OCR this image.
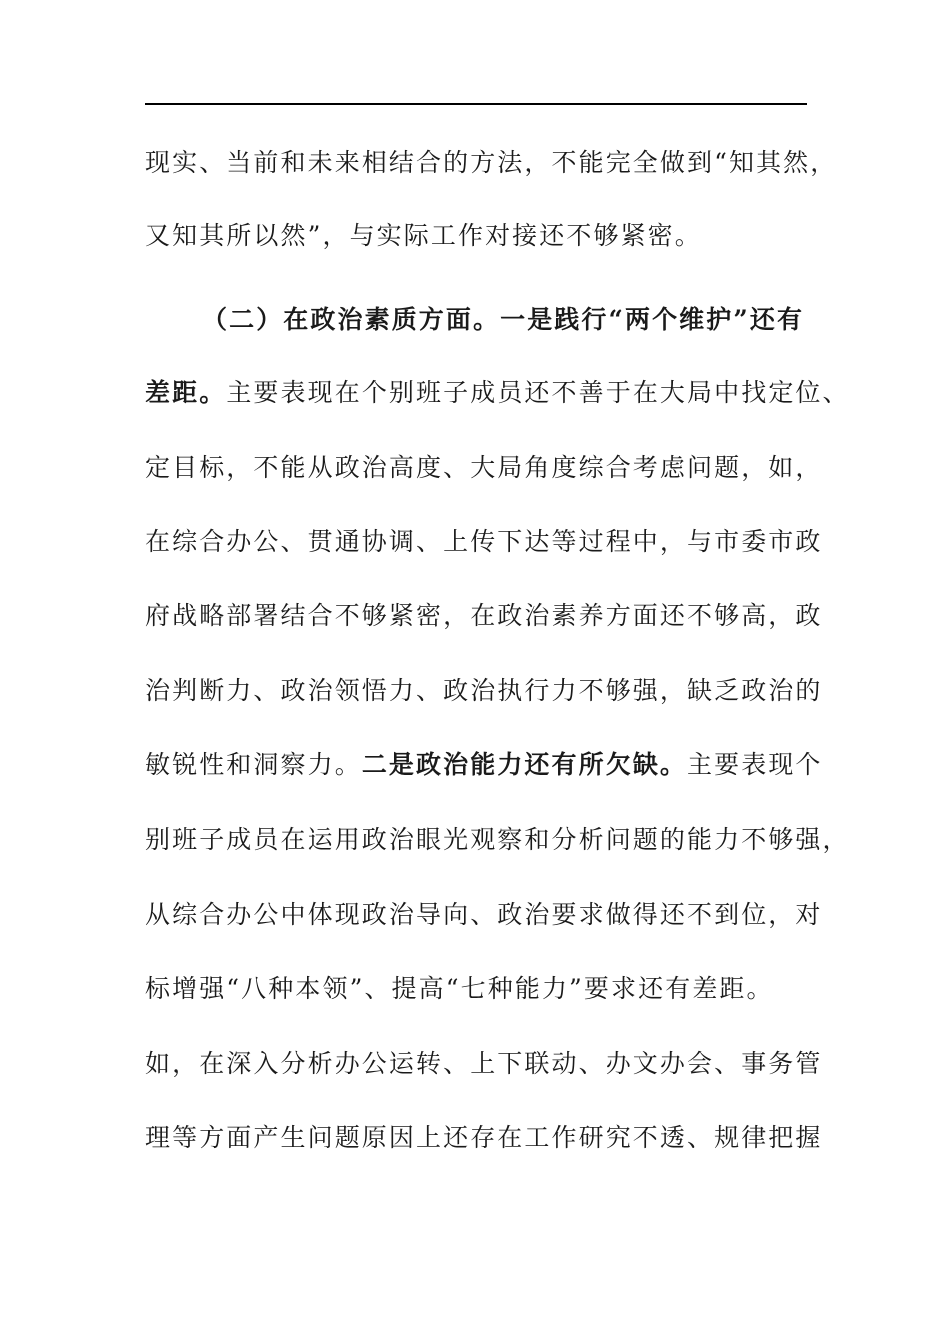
现实、当前和未来相结合的方法，不能完全做到“知其然，
又知其所以然”，与实际工作对接还不够紧密。
（二）在政治素质方面。一是践行“两个维护”还有
差距。主要表现在个别班子成员还不善于在大局中找定位、
定目标，不能从政治高度、大局角度综合考虑问题，如，
在综合办公、贯通协调、上传下达等过程中，与市委市政
府战略部署结合不够紧密，在政治素养方面还不够高，政
治判断力、政治领悟力、政治执行力不够强，缺乏政治的
敏锐性和洞察力。二是政治能力还有所欠缺。主要表现个
别班子成员在运用政治眼光观察和分析问题的能力不够强，
从综合办公中体现政治导向、政治要求做得还不到位，对
标增强“八种本领”、提高“七种能力”要求还有差距。
如，在深入分析办公运转、上下联动、办文办会、事务管
理等方面产生问题原因上还存在工作研究不透、规律把握
